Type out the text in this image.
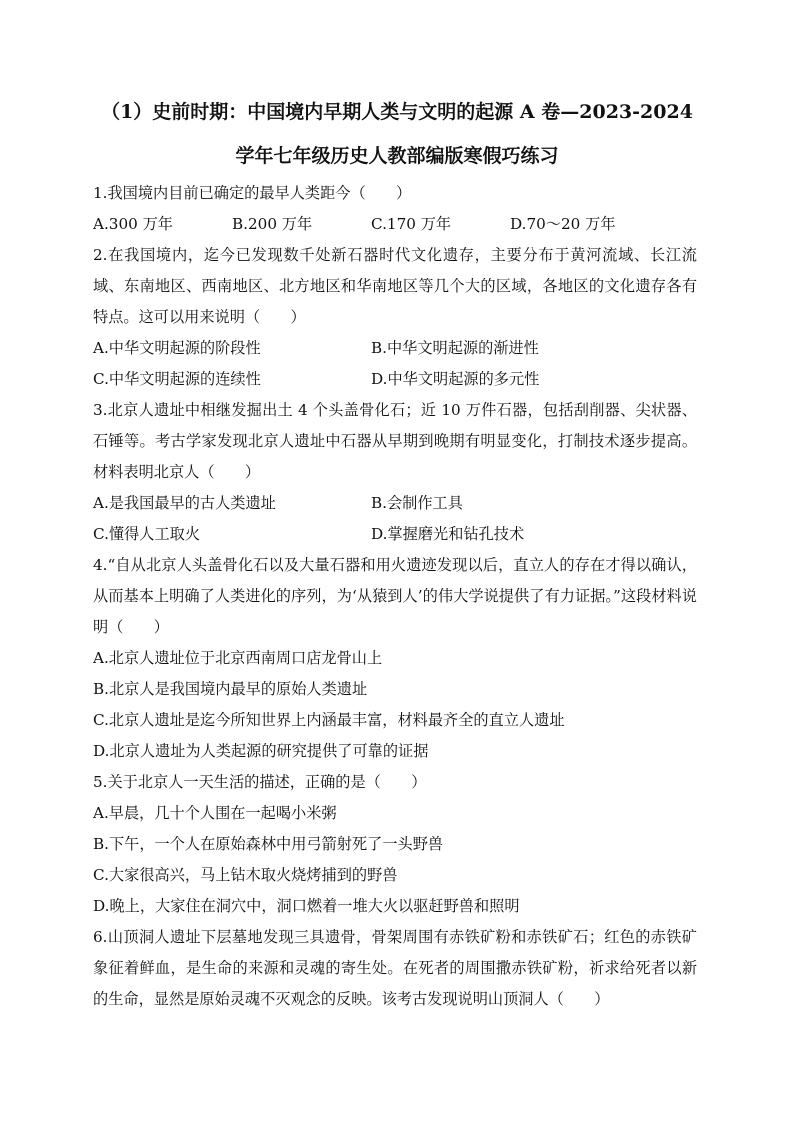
（1）史前时期：中国境内早期人类与文明的起源 A 卷—2023-2024
学年七年级历史人教部编版寒假巧练习

1.我国境内目前已确定的最早人类距今（　　）

A.300 万年	B.200 万年	C.170 万年	D.70～20 万年

2.在我国境内，迄今已发现数千处新石器时代文化遗存，主要分布于黄河流域、长江流域、东南地区、西南地区、北方地区和华南地区等几个大的区域，各地区的文化遗存各有特点。这可以用来说明（　　）

A.中华文明起源的阶段性	B.中华文明起源的渐进性
C.中华文明起源的连续性	D.中华文明起源的多元性

3.北京人遗址中相继发掘出土 4 个头盖骨化石；近 10 万件石器，包括刮削器、尖状器、石锤等。考古学家发现北京人遗址中石器从早期到晚期有明显变化，打制技术逐步提高。材料表明北京人（　　）

A.是我国最早的古人类遗址	B.会制作工具
C.懂得人工取火	D.掌握磨光和钻孔技术

4.“自从北京人头盖骨化石以及大量石器和用火遗迹发现以后，直立人的存在才得以确认，从而基本上明确了人类进化的序列，为‘从猿到人’的伟大学说提供了有力证据。”这段材料说明（　　）

A.北京人遗址位于北京西南周口店龙骨山上
B.北京人是我国境内最早的原始人类遗址
C.北京人遗址是迄今所知世界上内涵最丰富，材料最齐全的直立人遗址
D.北京人遗址为人类起源的研究提供了可靠的证据

5.关于北京人一天生活的描述，正确的是（　　）

A.早晨，几十个人围在一起喝小米粥
B.下午，一个人在原始森林中用弓箭射死了一头野兽
C.大家很高兴，马上钻木取火烧烤捕到的野兽
D.晚上，大家住在洞穴中，洞口燃着一堆大火以驱赶野兽和照明

6.山顶洞人遗址下层墓地发现三具遗骨，骨架周围有赤铁矿粉和赤铁矿石；红色的赤铁矿象征着鲜血，是生命的来源和灵魂的寄生处。在死者的周围撒赤铁矿粉，祈求给死者以新的生命，显然是原始灵魂不灭观念的反映。该考古发现说明山顶洞人（　　）
